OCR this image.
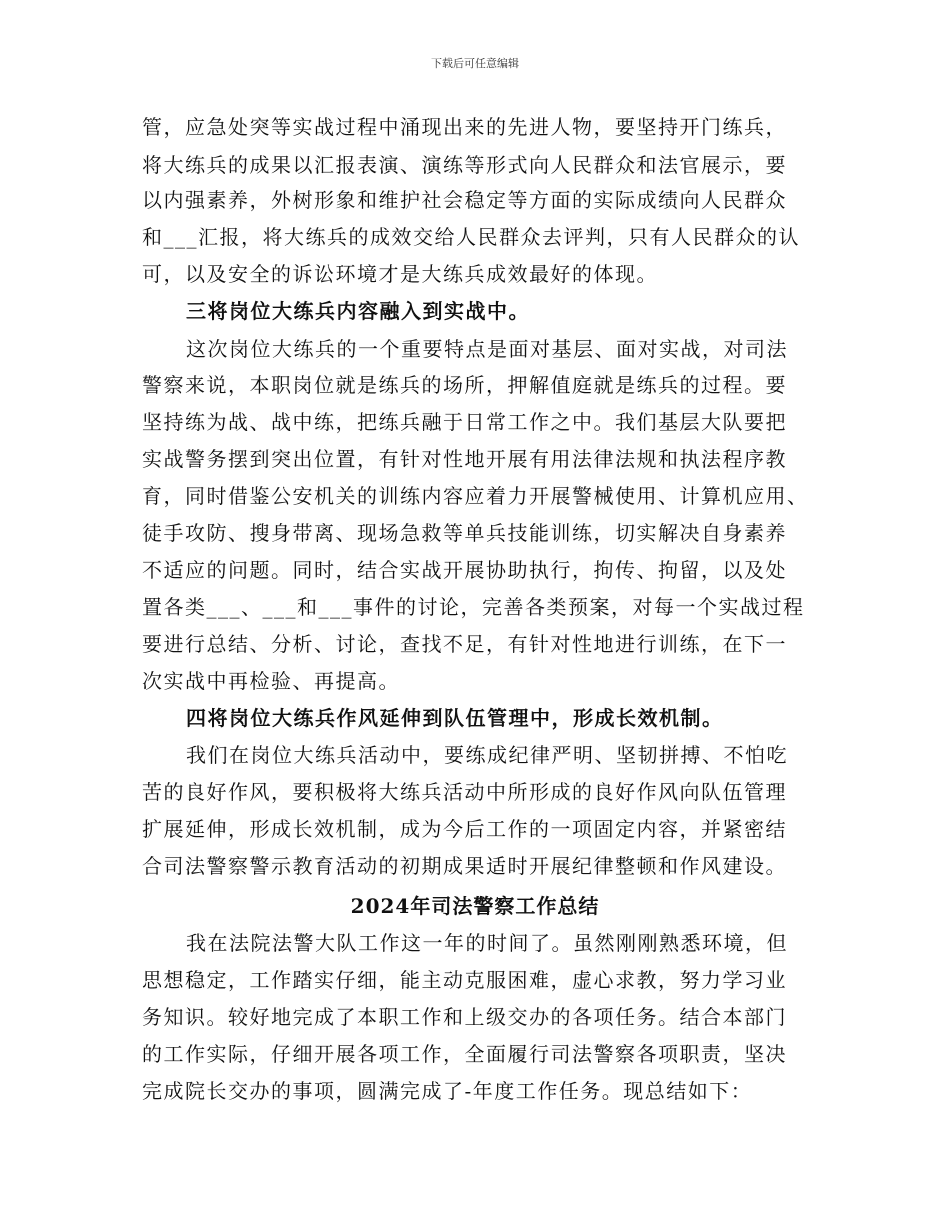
下载后可任意编辑
管，应急处突等实战过程中涌现出来的先进人物，要坚持开门练兵，
将大练兵的成果以汇报表演、演练等形式向人民群众和法官展示，要
以内强素养，外树形象和维护社会稳定等方面的实际成绩向人民群众
和___汇报，将大练兵的成效交给人民群众去评判，只有人民群众的认
可，以及安全的诉讼环境才是大练兵成效最好的体现。
三将岗位大练兵内容融入到实战中。
这次岗位大练兵的一个重要特点是面对基层、面对实战，对司法
警察来说，本职岗位就是练兵的场所，押解值庭就是练兵的过程。要
坚持练为战、战中练，把练兵融于日常工作之中。我们基层大队要把
实战警务摆到突出位置，有针对性地开展有用法律法规和执法程序教
育，同时借鉴公安机关的训练内容应着力开展警械使用、计算机应用、
徒手攻防、搜身带离、现场急救等单兵技能训练，切实解决自身素养
不适应的问题。同时，结合实战开展协助执行，拘传、拘留，以及处
置各类___、___和___事件的讨论，完善各类预案，对每一个实战过程
要进行总结、分析、讨论，查找不足，有针对性地进行训练，在下一
次实战中再检验、再提高。
四将岗位大练兵作风延伸到队伍管理中，形成长效机制。
我们在岗位大练兵活动中，要练成纪律严明、坚韧拼搏、不怕吃
苦的良好作风，要积极将大练兵活动中所形成的良好作风向队伍管理
扩展延伸，形成长效机制，成为今后工作的一项固定内容，并紧密结
合司法警察警示教育活动的初期成果适时开展纪律整顿和作风建设。
2024年司法警察工作总结
我在法院法警大队工作这一年的时间了。虽然刚刚熟悉环境，但
思想稳定，工作踏实仔细，能主动克服困难，虚心求教，努力学习业
务知识。较好地完成了本职工作和上级交办的各项任务。结合本部门
的工作实际，仔细开展各项工作，全面履行司法警察各项职责，坚决
完成院长交办的事项，圆满完成了-年度工作任务。现总结如下：
